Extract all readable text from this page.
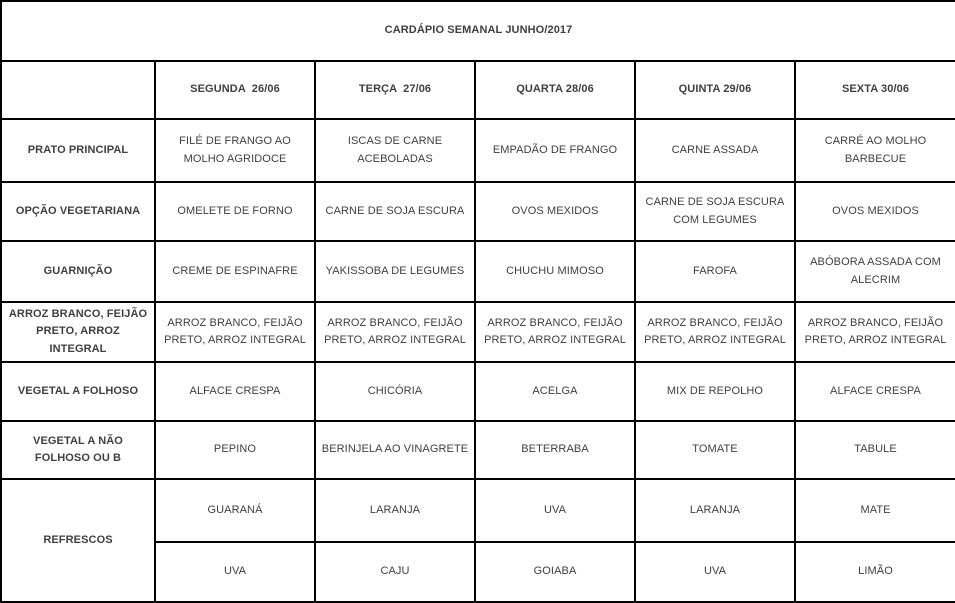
CARDÁPIO SEMANAL JUNHO/2017					
	SEGUNDA  26/06	TERÇA  27/06	QUARTA 28/06	QUINTA 29/06	SEXTA 30/06
PRATO PRINCIPAL	FILÉ DE FRANGO AO MOLHO AGRIDOCE	ISCAS DE CARNE ACEBOLADAS	EMPADÃO DE FRANGO	CARNE ASSADA	CARRÉ AO MOLHO BARBECUE
OPÇÃO VEGETARIANA	OMELETE DE FORNO	CARNE DE SOJA ESCURA	OVOS MEXIDOS	CARNE DE SOJA ESCURA COM LEGUMES	OVOS MEXIDOS
GUARNIÇÃO	CREME DE ESPINAFRE	YAKISSOBA DE LEGUMES	CHUCHU MIMOSO	FAROFA	ABÓBORA ASSADA COM ALECRIM
ARROZ BRANCO, FEIJÃO PRETO, ARROZ INTEGRAL	ARROZ BRANCO, FEIJÃO PRETO, ARROZ INTEGRAL	ARROZ BRANCO, FEIJÃO PRETO, ARROZ INTEGRAL	ARROZ BRANCO, FEIJÃO PRETO, ARROZ INTEGRAL	ARROZ BRANCO, FEIJÃO PRETO, ARROZ INTEGRAL	ARROZ BRANCO, FEIJÃO PRETO, ARROZ INTEGRAL
VEGETAL A FOLHOSO	ALFACE CRESPA	CHICÓRIA	ACELGA	MIX DE REPOLHO	ALFACE CRESPA
VEGETAL A NÃO FOLHOSO OU B	PEPINO	BERINJELA AO VINAGRETE	BETERRABA	TOMATE	TABULE
REFRESCOS	GUARANÁ	LARANJA	UVA	LARANJA	MATE
	UVA	CAJU	GOIABA	UVA	LIMÃO
